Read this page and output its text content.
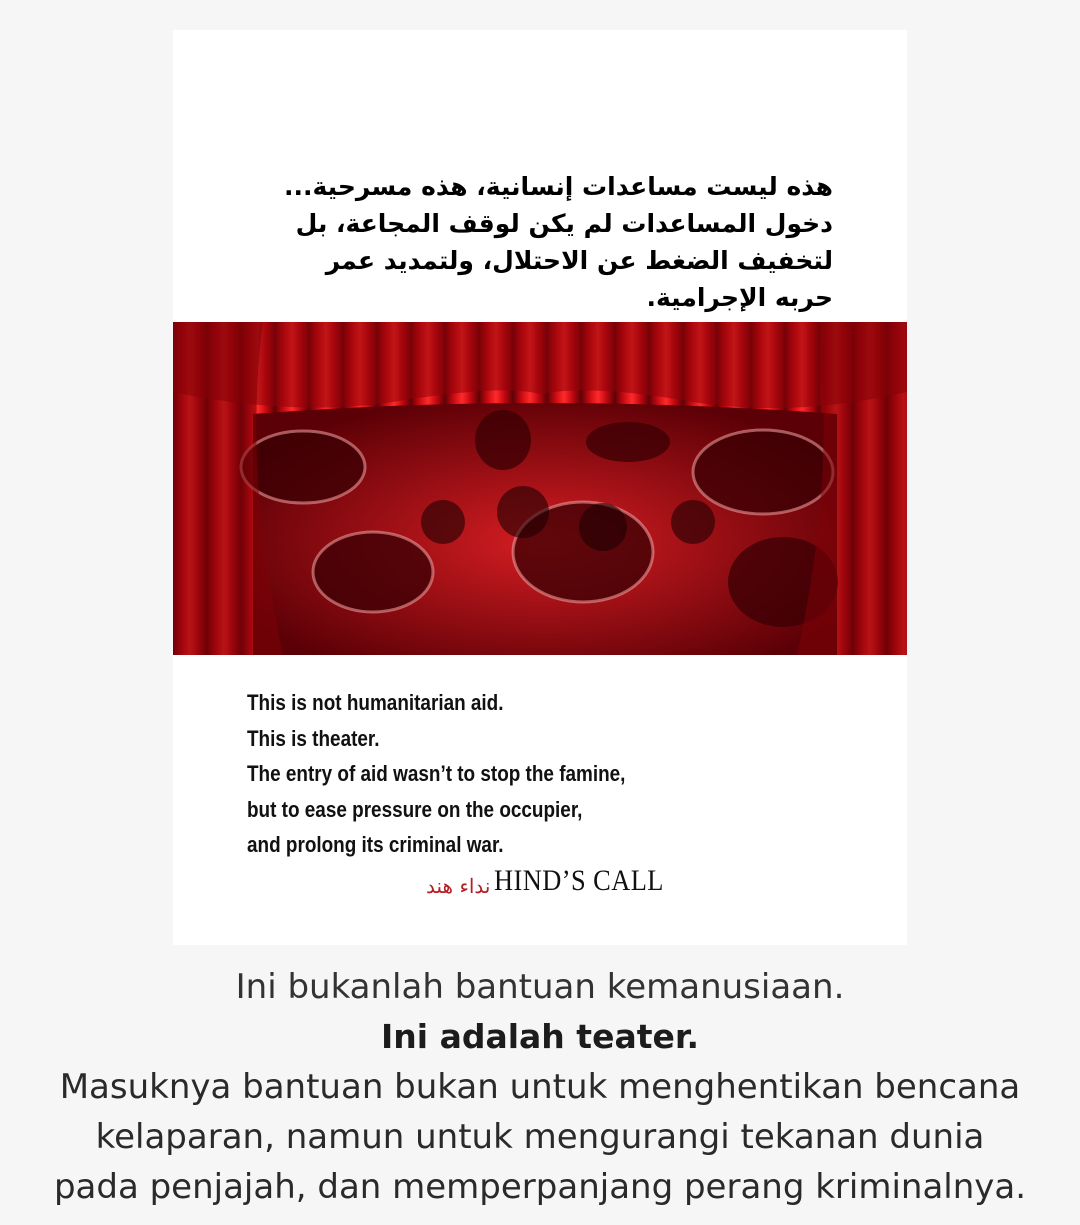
هذه ليست مساعدات إنسانية، هذه مسرحية...
دخول المساعدات لم يكن لوقف المجاعة، بل
لتخفيف الضغط عن الاحتلال، ولتمديد عمر
حربه الإجرامية.
This is not humanitarian aid.
This is theater.
The entry of aid wasn’t to stop the famine,
but to ease pressure on the occupier,
and prolong its criminal war.
نداء هند HIND’S CALL
Ini bukanlah bantuan kemanusiaan.
Ini adalah teater.
Masuknya bantuan bukan untuk menghentikan bencana
kelaparan, namun untuk mengurangi tekanan dunia
pada penjajah, dan memperpanjang perang kriminalnya.
